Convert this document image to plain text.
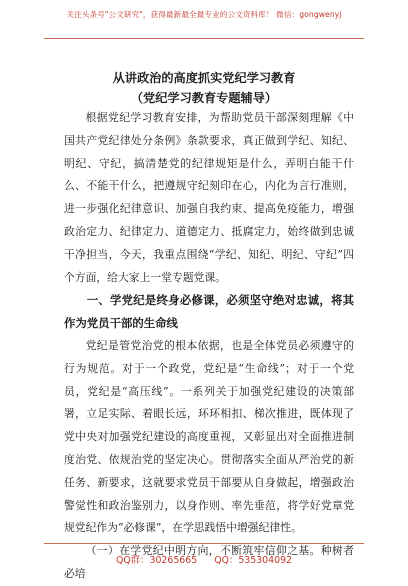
关注头条号"公文研究"，获得最新最全最专业的公文资料库！ 微信：gongwenyj
从讲政治的高度抓实党纪学习教育
（党纪学习教育专题辅导）

根据党纪学习教育安排，为帮助党员干部深刻理解《中国共产党纪律处分条例》条款要求，真正做到学纪、知纪、明纪、守纪，搞清楚党的纪律规矩是什么，弄明白能干什么、不能干什么，把遵规守纪刻印在心，内化为言行准则，进一步强化纪律意识、加强自我约束、提高免疫能力，增强政治定力、纪律定力、道德定力、抵腐定力，始终做到忠诚干净担当，今天，我重点围绕“学纪、知纪、明纪、守纪”四个方面，给大家上一堂专题党课。

一、学党纪是终身必修课，必须坚守绝对忠诚，将其作为党员干部的生命线

党纪是管党治党的根本依据，也是全体党员必须遵守的行为规范。对于一个政党，党纪是“生命线”；对于一个党员，党纪是“高压线”。一系列关于加强党纪建设的决策部署，立足实际、着眼长远，环环相扣、梯次推进，既体现了党中央对加强党纪建设的高度重视，又彰显出对全面推进制度治党、依规治党的坚定决心。贯彻落实全面从严治党的新任务、新要求，这就要求党员干部要从自身做起，增强政治警觉性和政治鉴别力，以身作则、率先垂范，将学好党章党规党纪作为“必修课”，在学思践悟中增强纪律性。

（一）在学党纪中明方向，不断筑牢信仰之基。种树者必培

QQ群：30265665 QQ：535304092
